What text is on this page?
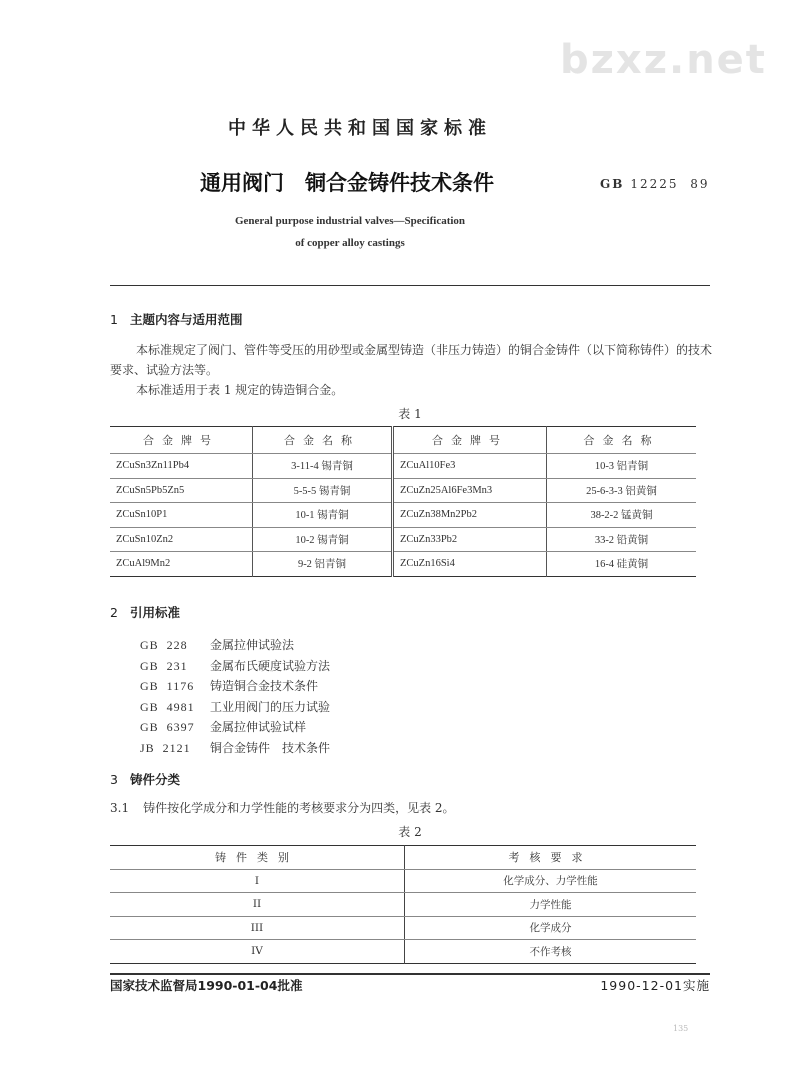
bzxz.net
中华人民共和国国家标准
通用阀门　铜合金铸件技术条件	GB 12225  89
General purpose industrial valves—Specification
of copper alloy castings
1 主题内容与适用范围
本标准规定了阀门、管件等受压的用砂型或金属型铸造（非压力铸造）的铜合金铸件（以下简称铸件）的技术要求、试验方法等。
本标准适用于表 1 规定的铸造铜合金。
表 1
合金牌号	合金名称	合金牌号	合金名称
ZCuSn3Zn11Pb4	3-11-4 锡青铜	ZCuAl10Fe3	10-3 铝青铜
ZCuSn5Pb5Zn5	5-5-5 锡青铜	ZCuZn25Al6Fe3Mn3	25-6-3-3 铝黄铜
ZCuSn10P1	10-1 锡青铜	ZCuZn38Mn2Pb2	38-2-2 锰黄铜
ZCuSn10Zn2	10-2 锡青铜	ZCuZn33Pb2	33-2 铅黄铜
ZCuAl9Mn2	9-2 铝青铜	ZCuZn16Si4	16-4 硅黄铜
2 引用标准
GB  228 金属拉伸试验法
GB  231 金属布氏硬度试验方法
GB  1176 铸造铜合金技术条件
GB  4981 工业用阀门的压力试验
GB  6397 金属拉伸试验试样
JB  2121 铜合金铸件　技术条件
3 铸件分类
3.1 铸件按化学成分和力学性能的考核要求分为四类，见表 2。
表 2
铸件类别	考核要求
I	化学成分、力学性能
II	力学性能
III	化学成分
IV	不作考核
国家技术监督局1990-01-04批准	1990-12-01实施
135
